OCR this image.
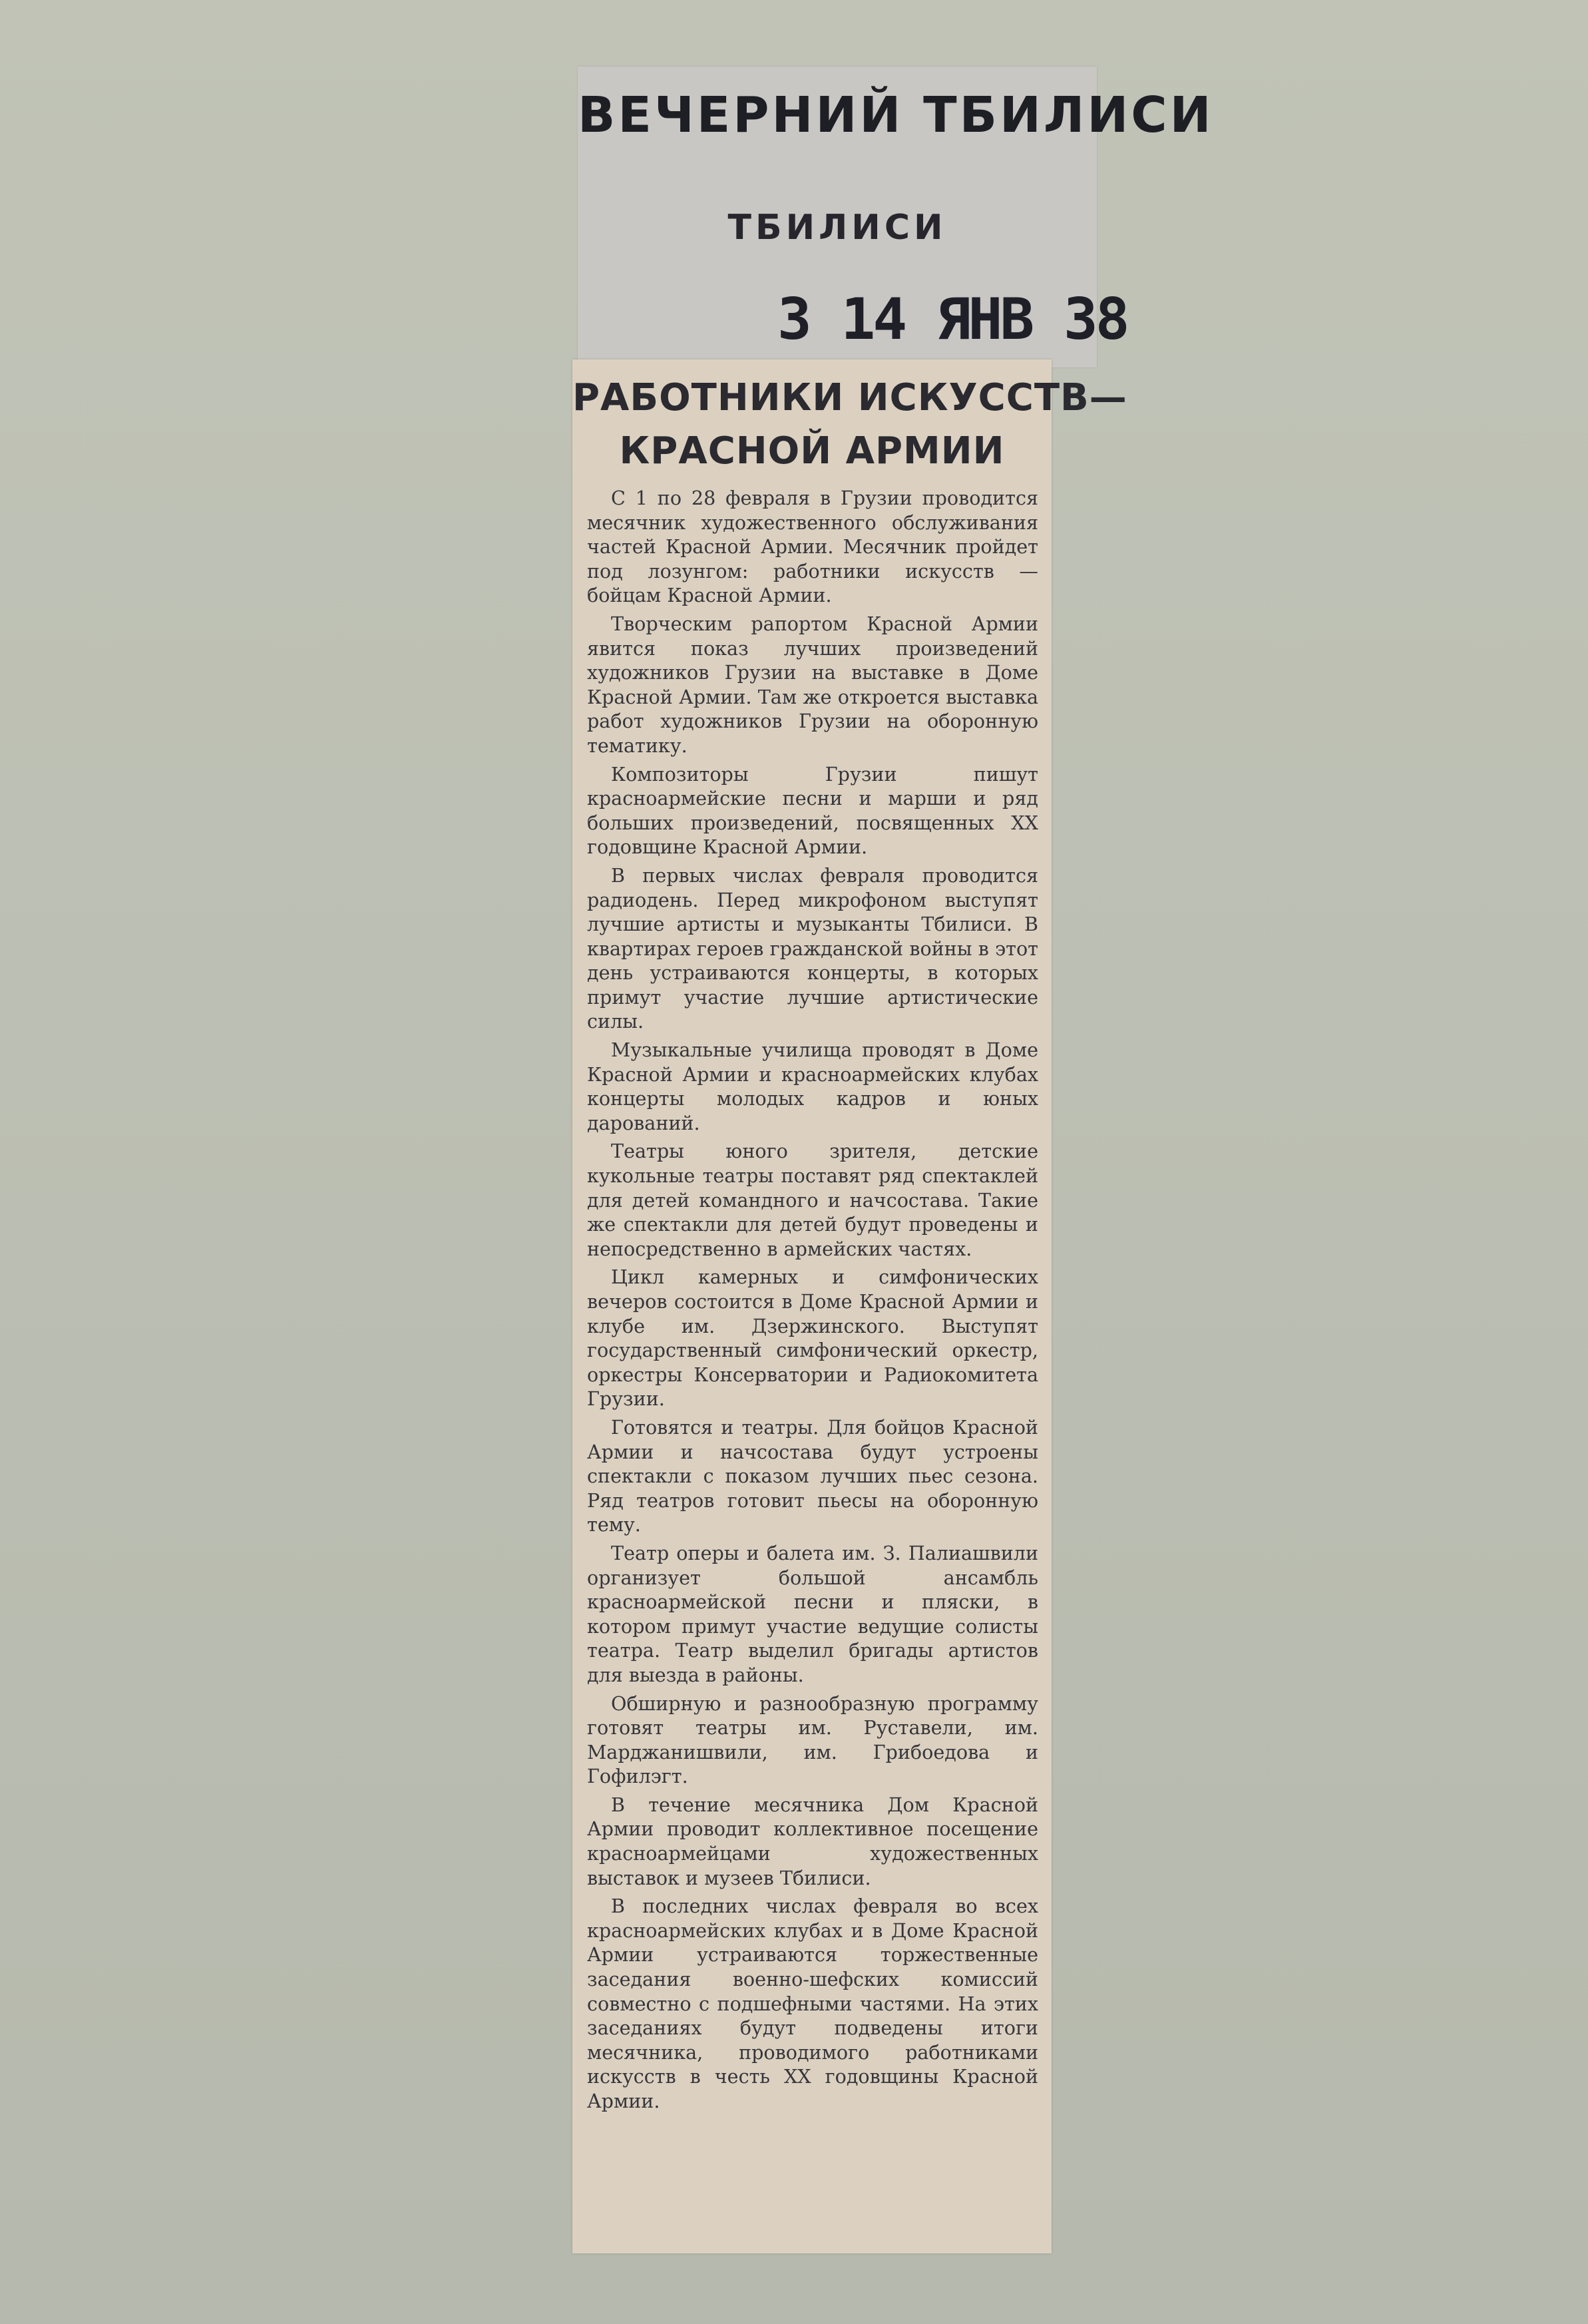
ВЕЧЕРНИЙ ТБИЛИСИ
ТБИЛИСИ
3 14 ЯНВ 38
РАБОТНИКИ ИСКУССТВ—
КРАСНОЙ АРМИИ

С 1 по 28 февраля в Грузии проводится месячник художественного обслуживания частей Красной Армии. Месячник пройдет под лозунгом: работники искусств — бойцам Красной Армии.

Творческим рапортом Красной Армии явится показ лучших произведений художников Грузии на выставке в Доме Красной Армии. Там же откроется выставка работ художников Грузии на оборонную тематику.

Композиторы Грузии пишут красноармейские песни и марши и ряд больших произведений, посвященных XX годовщине Красной Армии.

В первых числах февраля проводится радиодень. Перед микрофоном выступят лучшие артисты и музыканты Тбилиси. В квартирах героев гражданской войны в этот день устраиваются концерты, в которых примут участие лучшие артистические силы.

Музыкальные училища проводят в Доме Красной Армии и красноармейских клубах концерты молодых кадров и юных дарований.

Театры юного зрителя, детские кукольные театры поставят ряд спектаклей для детей командного и начсостава. Такие же спектакли для детей будут проведены и непосредственно в армейских частях.

Цикл камерных и симфонических вечеров состоится в Доме Красной Армии и клубе им. Дзержинского. Выступят государственный симфонический оркестр, оркестры Консерватории и Радиокомитета Грузии.

Готовятся и театры. Для бойцов Красной Армии и начсостава будут устроены спектакли с показом лучших пьес сезона. Ряд театров готовит пьесы на оборонную тему.

Театр оперы и балета им. З. Палиашвили организует большой ансамбль красноармейской песни и пляски, в котором примут участие ведущие солисты театра. Театр выделил бригады артистов для выезда в районы.

Обширную и разнообразную программу готовят театры им. Руставели, им. Марджанишвили, им. Грибоедова и Гофилэгт.

В течение месячника Дом Красной Армии проводит коллективное посещение красноармейцами художественных выставок и музеев Тбилиси.

В последних числах февраля во всех красноармейских клубах и в Доме Красной Армии устраиваются торжественные заседания военно-шефских комиссий совместно с подшефными частями. На этих заседаниях будут подведены итоги месячника, проводимого работниками искусств в честь XX годовщины Красной Армии.
